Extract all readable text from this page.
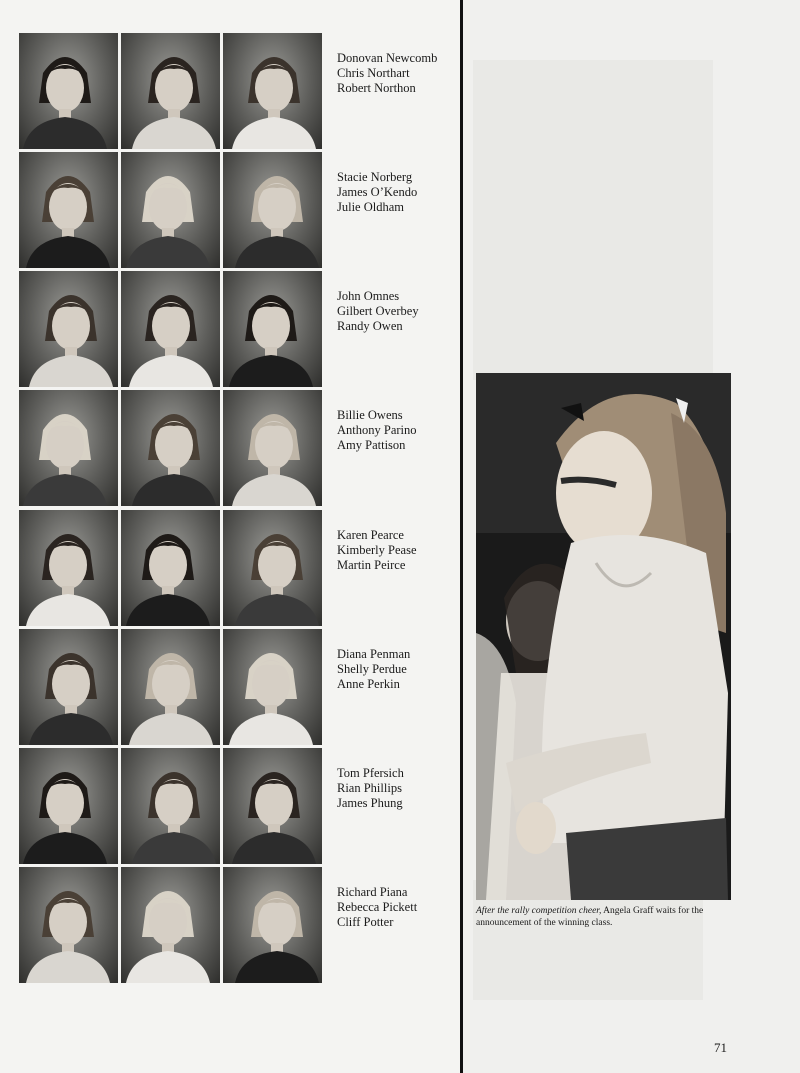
Donovan Newcomb
Chris Northart
Robert Northon
Stacie Norberg
James O’Kendo
Julie Oldham
John Omnes
Gilbert Overbey
Randy Owen
Billie Owens
Anthony Parino
Amy Pattison
Karen Pearce
Kimberly Pease
Martin Peirce
Diana Penman
Shelly Perdue
Anne Perkin
Tom Pfersich
Rian Phillips
James Phung
Richard Piana
Rebecca Pickett
Cliff Potter
After the rally competition cheer, Angela Graff waits for the announcement of the winning class.
71
